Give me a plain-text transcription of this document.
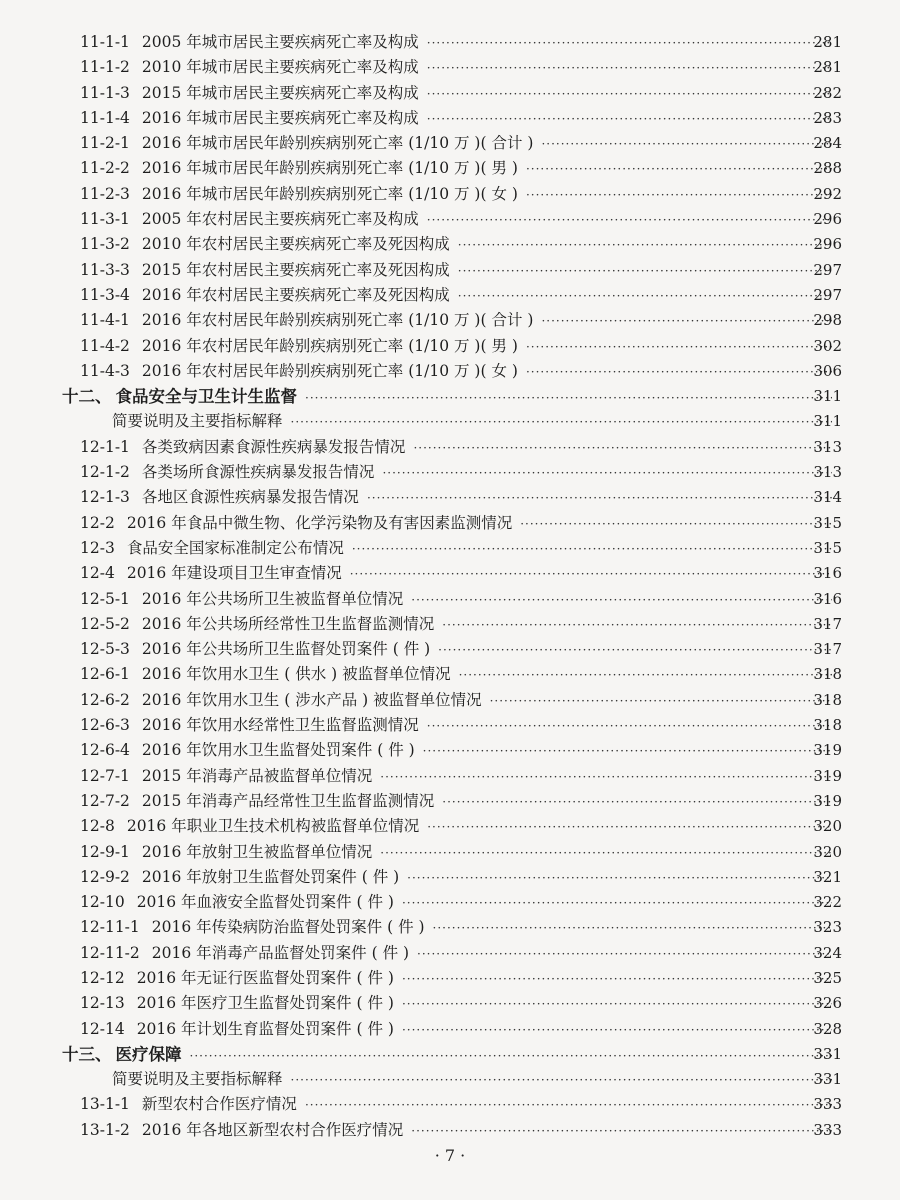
11-1-1 2005 年城市居民主要疾病死亡率及构成 ·····	281
11-1-2 2010 年城市居民主要疾病死亡率及构成 ·····	281
11-1-3 2015 年城市居民主要疾病死亡率及构成 ·····	282
11-1-4 2016 年城市居民主要疾病死亡率及构成 ·····	283
11-2-1 2016 年城市居民年龄别疾病别死亡率 (1/10 万 )( 合计 ) ·····	284
11-2-2 2016 年城市居民年龄别疾病别死亡率 (1/10 万 )( 男 ) ·····	288
11-2-3 2016 年城市居民年龄别疾病别死亡率 (1/10 万 )( 女 ) ·····	292
11-3-1 2005 年农村居民主要疾病死亡率及构成 ·····	296
11-3-2 2010 年农村居民主要疾病死亡率及死因构成 ·····	296
11-3-3 2015 年农村居民主要疾病死亡率及死因构成 ·····	297
11-3-4 2016 年农村居民主要疾病死亡率及死因构成 ·····	297
11-4-1 2016 年农村居民年龄别疾病别死亡率 (1/10 万 )( 合计 ) ·····	298
11-4-2 2016 年农村居民年龄别疾病别死亡率 (1/10 万 )( 男 ) ·····	302
11-4-3 2016 年农村居民年龄别疾病别死亡率 (1/10 万 )( 女 ) ·····	306
十二、 食品安全与卫生计生监督 ·····	311
简要说明及主要指标解释 ·····	311
12-1-1 各类致病因素食源性疾病暴发报告情况 ·····	313
12-1-2 各类场所食源性疾病暴发报告情况 ·····	313
12-1-3 各地区食源性疾病暴发报告情况 ·····	314
12-2 2016 年食品中微生物、化学污染物及有害因素监测情况 ·····	315
12-3 食品安全国家标准制定公布情况 ·····	315
12-4 2016 年建设项目卫生审查情况 ·····	316
12-5-1 2016 年公共场所卫生被监督单位情况 ·····	316
12-5-2 2016 年公共场所经常性卫生监督监测情况 ·····	317
12-5-3 2016 年公共场所卫生监督处罚案件 ( 件 ) ·····	317
12-6-1 2016 年饮用水卫生 ( 供水 ) 被监督单位情况 ·····	318
12-6-2 2016 年饮用水卫生 ( 涉水产品 ) 被监督单位情况 ·····	318
12-6-3 2016 年饮用水经常性卫生监督监测情况 ·····	318
12-6-4 2016 年饮用水卫生监督处罚案件 ( 件 ) ·····	319
12-7-1 2015 年消毒产品被监督单位情况 ·····	319
12-7-2 2015 年消毒产品经常性卫生监督监测情况 ·····	319
12-8 2016 年职业卫生技术机构被监督单位情况 ·····	320
12-9-1 2016 年放射卫生被监督单位情况 ·····	320
12-9-2 2016 年放射卫生监督处罚案件 ( 件 ) ·····	321
12-10 2016 年血液安全监督处罚案件 ( 件 ) ·····	322
12-11-1 2016 年传染病防治监督处罚案件 ( 件 ) ·····	323
12-11-2 2016 年消毒产品监督处罚案件 ( 件 ) ·····	324
12-12 2016 年无证行医监督处罚案件 ( 件 ) ·····	325
12-13 2016 年医疗卫生监督处罚案件 ( 件 ) ·····	326
12-14 2016 年计划生育监督处罚案件 ( 件 ) ·····	328
十三、 医疗保障 ·····	331
简要说明及主要指标解释 ·····	331
13-1-1 新型农村合作医疗情况 ·····	333
13-1-2 2016 年各地区新型农村合作医疗情况 ·····	333
· 7 ·
